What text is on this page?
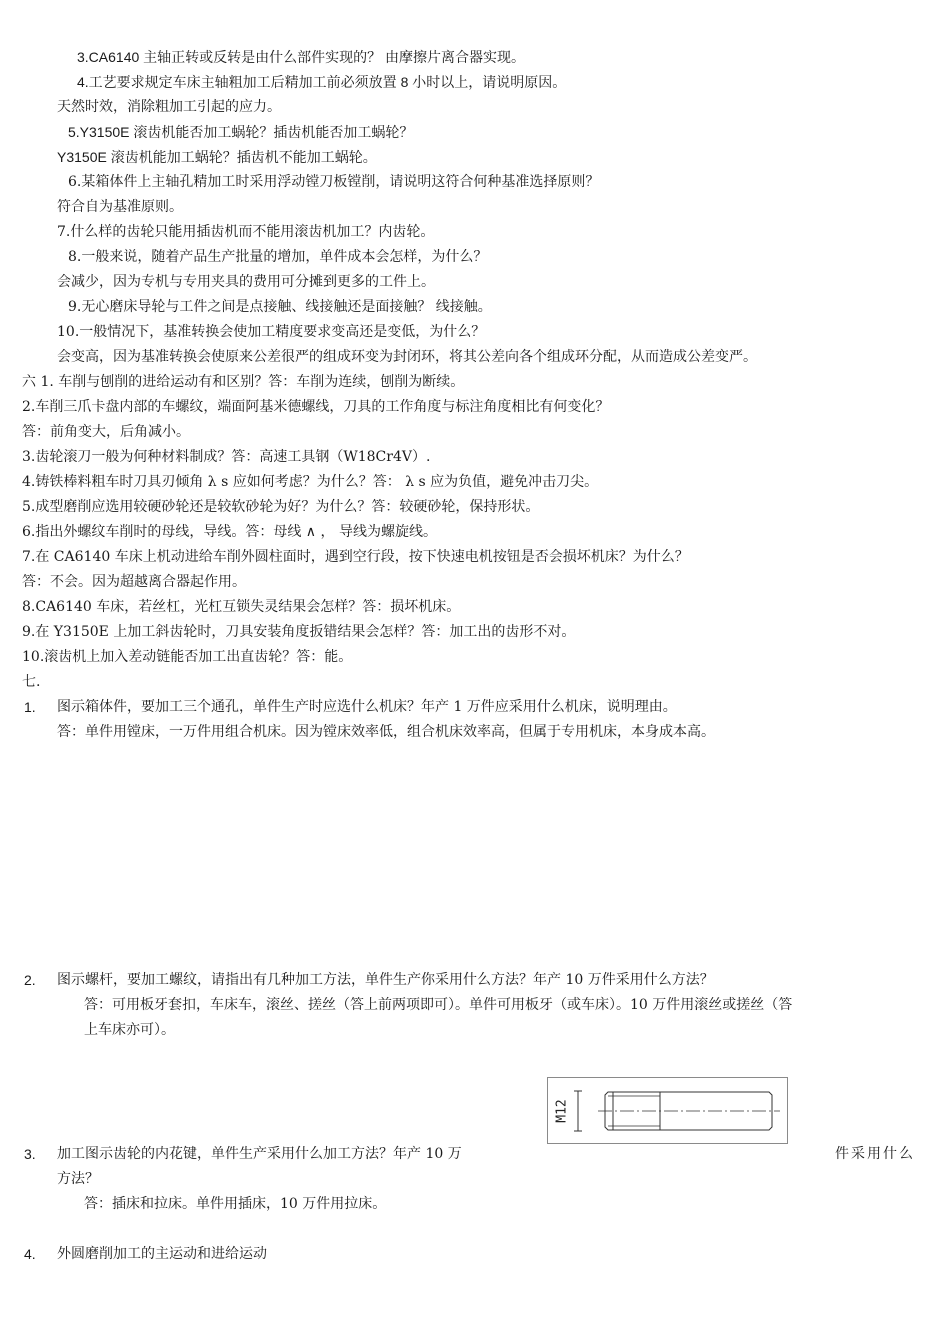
3.CA6140 主轴正转或反转是由什么部件实现的？ 由摩擦片离合器实现。
4.工艺要求规定车床主轴粗加工后精加工前必须放置 8 小时以上，请说明原因。
天然时效，消除粗加工引起的应力。
5.Y3150E 滚齿机能否加工蜗轮？插齿机能否加工蜗轮？
Y3150E 滚齿机能加工蜗轮？插齿机不能加工蜗轮。
6.某箱体件上主轴孔精加工时采用浮动镗刀板镗削，请说明这符合何种基准选择原则？
符合自为基准原则。
7.什么样的齿轮只能用插齿机而不能用滚齿机加工？内齿轮。
8.一般来说，随着产品生产批量的增加，单件成本会怎样，为什么？
会减少，因为专机与专用夹具的费用可分摊到更多的工件上。
9.无心磨床导轮与工件之间是点接触、线接触还是面接触？ 线接触。
10.一般情况下，基准转换会使加工精度要求变高还是变低，为什么？
会变高，因为基准转换会使原来公差很严的组成环变为封闭环，将其公差向各个组成环分配，从而造成公差变严。
六 1. 车削与刨削的进给运动有和区别？答：车削为连续，刨削为断续。
2.车削三爪卡盘内部的车螺纹，端面阿基米德螺线，刀具的工作角度与标注角度相比有何变化？
答：前角变大，后角减小。
3.齿轮滚刀一般为何种材料制成？答：高速工具钢（W18Cr4V）.
4.铸铁棒料粗车时刀具刃倾角 λ s 应如何考虑？为什么？答： λ s 应为负值，避免冲击刀尖。
5.成型磨削应选用较硬砂轮还是较软砂轮为好？为什么？答：较硬砂轮，保持形状。
6.指出外螺纹车削时的母线，导线。答：母线 ∧ ， 导线为螺旋线。
7.在 CA6140 车床上机动进给车削外圆柱面时，遇到空行段，按下快速电机按钮是否会损坏机床？为什么？
答：不会。因为超越离合器起作用。
8.CA6140 车床，若丝杠，光杠互锁失灵结果会怎样？答：损坏机床。
9.在 Y3150E 上加工斜齿轮时，刀具安装角度扳错结果会怎样？答：加工出的齿形不对。
10.滚齿机上加入差动链能否加工出直齿轮？答：能。
七.
1. 图示箱体件，要加工三个通孔，单件生产时应选什么机床？年产 1 万件应采用什么机床，说明理由。
答：单件用镗床，一万件用组合机床。因为镗床效率低，组合机床效率高，但属于专用机床，本身成本高。
2. 图示螺杆，要加工螺纹，请指出有几种加工方法，单件生产你采用什么方法？年产 10 万件采用什么方法？
答：可用板牙套扣，车床车，滚丝、搓丝（答上前两项即可）。单件可用板牙（或车床）。10 万件用滚丝或搓丝（答
上车床亦可）。
M12
3. 加工图示齿轮的内花键，单件生产采用什么加工方法？年产 10 万	件采用什么
方法？
答：插床和拉床。单件用插床，10 万件用拉床。
4. 外圆磨削加工的主运动和进给运动
